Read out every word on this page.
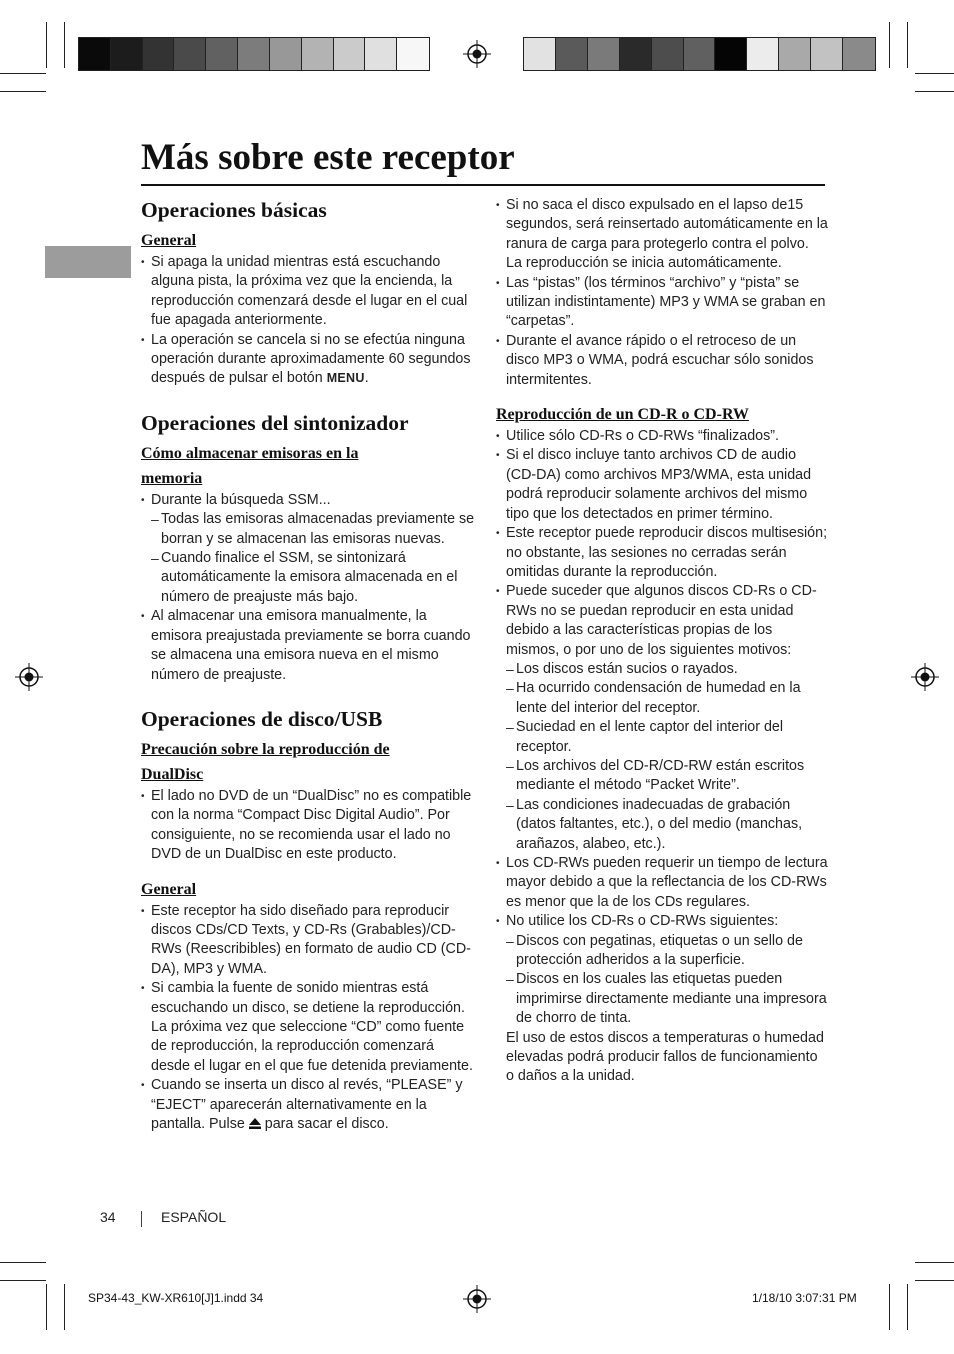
Más sobre este receptor
Operaciones básicas
General
• Si apaga la unidad mientras está escuchando alguna pista, la próxima vez que la encienda, la reproducción comenzará desde el lugar en el cual fue apagada anteriormente.
• La operación se cancela si no se efectúa ninguna operación durante aproximadamente 60 segundos después de pulsar el botón MENU.
Operaciones del sintonizador
Cómo almacenar emisoras en la
memoria
• Durante la búsqueda SSM...
– Todas las emisoras almacenadas previamente se borran y se almacenan las emisoras nuevas.
– Cuando finalice el SSM, se sintonizará automáticamente la emisora almacenada en el número de preajuste más bajo.
• Al almacenar una emisora manualmente, la emisora preajustada previamente se borra cuando se almacena una emisora nueva en el mismo número de preajuste.
Operaciones de disco/USB
Precaución sobre la reproducción de
DualDisc
• El lado no DVD de un “DualDisc” no es compatible con la norma “Compact Disc Digital Audio”. Por consiguiente, no se recomienda usar el lado no DVD de un DualDisc en este producto.
General
• Este receptor ha sido diseñado para reproducir discos CDs/CD Texts, y CD-Rs (Grabables)/CD-RWs (Reescribibles) en formato de audio CD (CD-DA), MP3 y WMA.
• Si cambia la fuente de sonido mientras está escuchando un disco, se detiene la reproducción. La próxima vez que seleccione “CD” como fuente de reproducción, la reproducción comenzará desde el lugar en el que fue detenida previamente.
• Cuando se inserta un disco al revés, “PLEASE” y “EJECT” aparecerán alternativamente en la pantalla. Pulse para sacar el disco.
• Si no saca el disco expulsado en el lapso de15 segundos, será reinsertado automáticamente en la ranura de carga para protegerlo contra el polvo. La reproducción se inicia automáticamente.
• Las “pistas” (los términos “archivo” y “pista” se utilizan indistintamente) MP3 y WMA se graban en “carpetas”.
• Durante el avance rápido o el retroceso de un disco MP3 o WMA, podrá escuchar sólo sonidos intermitentes.
Reproducción de un CD-R o CD-RW
• Utilice sólo CD-Rs o CD-RWs “finalizados”.
• Si el disco incluye tanto archivos CD de audio (CD-DA) como archivos MP3/WMA, esta unidad podrá reproducir solamente archivos del mismo tipo que los detectados en primer término.
• Este receptor puede reproducir discos multisesión; no obstante, las sesiones no cerradas serán omitidas durante la reproducción.
• Puede suceder que algunos discos CD-Rs o CD-RWs no se puedan reproducir en esta unidad debido a las características propias de los mismos, o por uno de los siguientes motivos:
– Los discos están sucios o rayados.
– Ha ocurrido condensación de humedad en la lente del interior del receptor.
– Suciedad en el lente captor del interior del receptor.
– Los archivos del CD-R/CD-RW están escritos mediante el método “Packet Write”.
– Las condiciones inadecuadas de grabación (datos faltantes, etc.), o del medio (manchas, arañazos, alabeo, etc.).
• Los CD-RWs pueden requerir un tiempo de lectura mayor debido a que la reflectancia de los CD-RWs es menor que la de los CDs regulares.
• No utilice los CD-Rs o CD-RWs siguientes:
– Discos con pegatinas, etiquetas o un sello de protección adheridos a la superficie.
– Discos en los cuales las etiquetas pueden imprimirse directamente mediante una impresora de chorro de tinta.
El uso de estos discos a temperaturas o humedad elevadas podrá producir fallos de funcionamiento o daños a la unidad.
34	ESPAÑOL
SP34-43_KW-XR610[J]1.indd 34	1/18/10 3:07:31 PM
